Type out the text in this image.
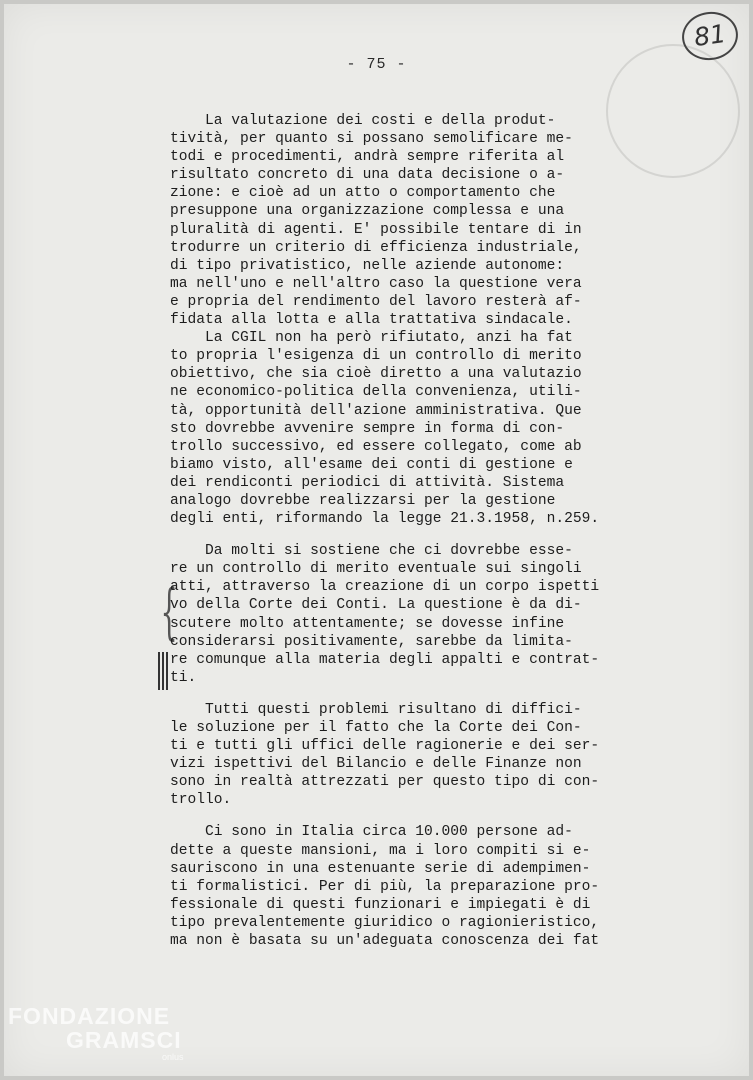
81
- 75 -
{
La valutazione dei costi e della produt-
tività, per quanto si possano semolificare me-
todi e procedimenti, andrà sempre riferita al
risultato concreto di una data decisione o a-
zione: e cioè ad un atto o comportamento che
presuppone una organizzazione complessa e una
pluralità di agenti. E' possibile tentare di in
trodurre un criterio di efficienza industriale,
di tipo privatistico, nelle aziende autonome:
ma nell'uno e nell'altro caso la questione vera
e propria del rendimento del lavoro resterà af-
fidata alla lotta e alla trattativa sindacale.
La CGIL non ha però rifiutato, anzi ha fat
to propria l'esigenza di un controllo di merito
obiettivo, che sia cioè diretto a una valutazio
ne economico-politica della convenienza, utili-
tà, opportunità dell'azione amministrativa. Que
sto dovrebbe avvenire sempre in forma di con-
trollo successivo, ed essere collegato, come ab
biamo visto, all'esame dei conti di gestione e
dei rendiconti periodici di attività. Sistema
analogo dovrebbe realizzarsi per la gestione
degli enti, riformando la legge 21.3.1958, n.259.
Da molti si sostiene che ci dovrebbe esse-
re un controllo di merito eventuale sui singoli
atti, attraverso la creazione di un corpo ispetti
vo della Corte dei Conti. La questione è da di-
scutere molto attentamente; se dovesse infine
considerarsi positivamente, sarebbe da limita-
re comunque alla materia degli appalti e contrat-
ti.
Tutti questi problemi risultano di diffici-
le soluzione per il fatto che la Corte dei Con-
ti e tutti gli uffici delle ragionerie e dei ser-
vizi ispettivi del Bilancio e delle Finanze non
sono in realtà attrezzati per questo tipo di con-
trollo.
Ci sono in Italia circa 10.000 persone ad-
dette a queste mansioni, ma i loro compiti si e-
sauriscono in una estenuante serie di adempimen-
ti formalistici. Per di più, la preparazione pro-
fessionale di questi funzionari e impiegati è di
tipo prevalentemente giuridico o ragionieristico,
ma non è basata su un'adeguata conoscenza dei fat
FONDAZIONE
GRAMSCI
onlus
